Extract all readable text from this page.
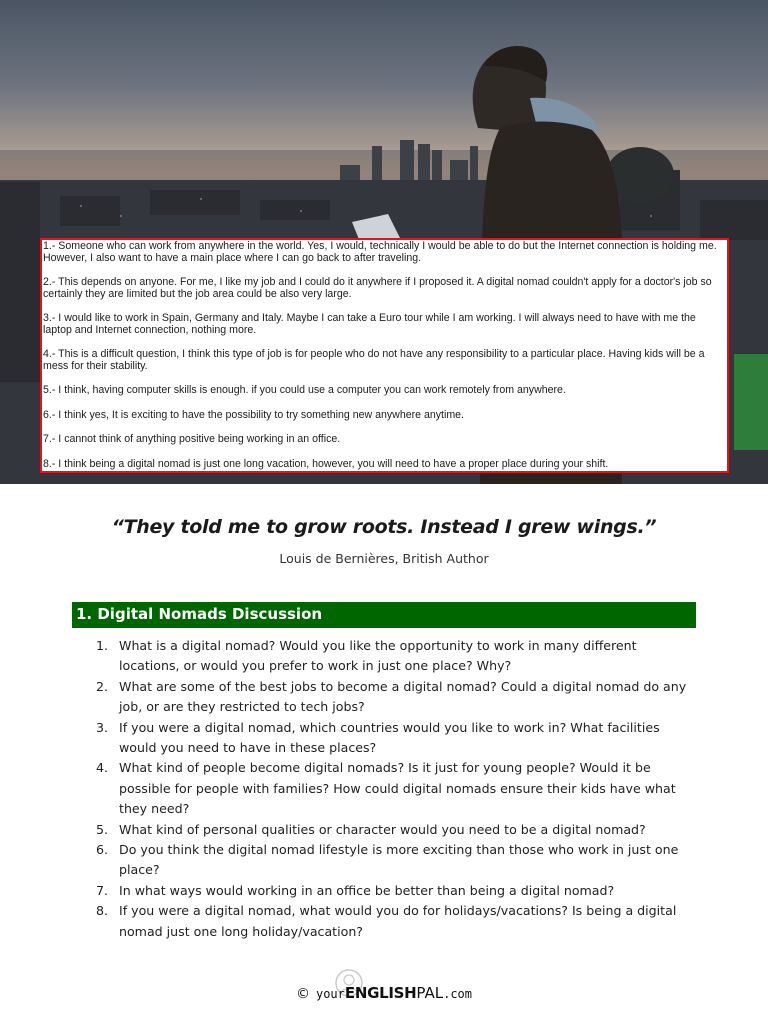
1.- Someone who can work from anywhere in the world. Yes, I would, technically I would be able to do but the Internet connection is holding me. However, I also want to have a main place where I can go back to after traveling.

2.- This depends on anyone. For me, I like my job and I could do it anywhere if I proposed it. A digital nomad couldn't apply for a doctor's job so certainly they are limited but the job area could be also very large.

3.- I would like to work in Spain, Germany and Italy. Maybe I can take a Euro tour while I am working. I will always need to have with me the laptop and Internet connection, nothing more.

4.- This is a difficult question, I think this type of job is for people who do not have any responsibility to a particular place. Having kids will be a mess for their stability.

5.- I think, having computer skills is enough. if you could use a computer you can work remotely from anywhere.

6.- I think yes, It is exciting to have the possibility to try something new anywhere anytime.

7.- I cannot think of anything positive being working in an office.

8.- I think being a digital nomad is just one long vacation, however, you will need to have a proper place during your shift.

“They told me to grow roots. Instead I grew wings.”
Louis de Bernières, British Author
1. Digital Nomads Discussion
1. What is a digital nomad? Would you like the opportunity to work in many different locations, or would you prefer to work in just one place? Why?
2. What are some of the best jobs to become a digital nomad? Could a digital nomad do any job, or are they restricted to tech jobs?
3. If you were a digital nomad, which countries would you like to work in? What facilities would you need to have in these places?
4. What kind of people become digital nomads? Is it just for young people? Would it be possible for people with families? How could digital nomads ensure their kids have what they need?
5. What kind of personal qualities or character would you need to be a digital nomad?
6. Do you think the digital nomad lifestyle is more exciting than those who work in just one place?
7. In what ways would working in an office be better than being a digital nomad?
8. If you were a digital nomad, what would you do for holidays/vacations? Is being a digital nomad just one long holiday/vacation?
© yourENGLISHPAL.com
